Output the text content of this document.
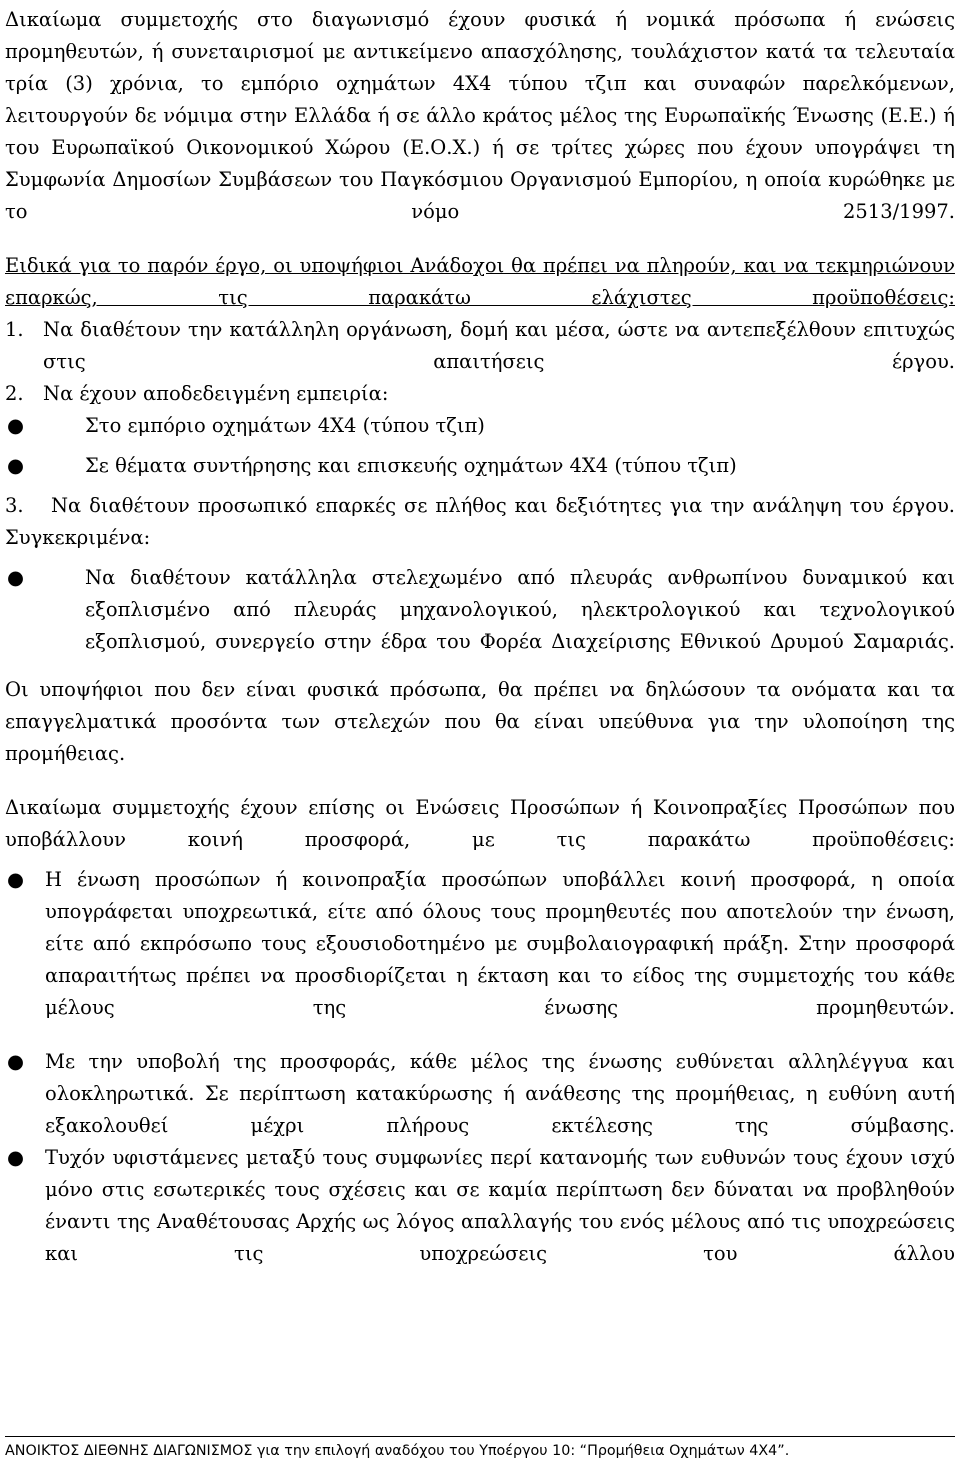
Δικαίωμα συμμετοχής στο διαγωνισμό έχουν φυσικά ή νομικά πρόσωπα ή ενώσεις προμηθευτών, ή συνεταιρισμοί με αντικείμενο απασχόλησης, τουλάχιστον κατά τα τελευταία τρία (3) χρόνια, το εμπόριο οχημάτων 4Χ4 τύπου τζιπ και συναφών παρελκόμενων, λειτουργούν δε νόμιμα στην Ελλάδα ή σε άλλο κράτος μέλος της Ευρωπαϊκής Ένωσης (Ε.Ε.) ή του Ευρωπαϊκού Οικονομικού Χώρου (Ε.Ο.Χ.) ή σε τρίτες χώρες που έχουν υπογράψει τη Συμφωνία Δημοσίων Συμβάσεων του Παγκόσμιου Οργανισμού Εμπορίου, η οποία κυρώθηκε με το νόμο 2513/1997.

Ειδικά για το παρόν έργο, οι υποψήφιοι Ανάδοχοι θα πρέπει να πληρούν, και να τεκμηριώνουν επαρκώς, τις παρακάτω ελάχιστες προϋποθέσεις:

1. Να διαθέτουν την κατάλληλη οργάνωση, δομή και μέσα, ώστε να αντεπεξέλθουν επιτυχώς στις απαιτήσεις έργου.
2. Να έχουν αποδεδειγμένη εμπειρία:
●	Στο εμπόριο οχημάτων 4Χ4 (τύπου τζιπ)
●	Σε θέματα συντήρησης και επισκευής οχημάτων 4Χ4 (τύπου τζιπ)
3. Να διαθέτουν προσωπικό επαρκές σε πλήθος και δεξιότητες για την ανάληψη του έργου. Συγκεκριμένα:
●	Να διαθέτουν κατάλληλα στελεχωμένο από πλευράς ανθρωπίνου δυναμικού και εξοπλισμένο από πλευράς μηχανολογικού, ηλεκτρολογικού και τεχνολογικού εξοπλισμού, συνεργείο στην έδρα του Φορέα Διαχείρισης Εθνικού Δρυμού Σαμαριάς.

Οι υποψήφιοι που δεν είναι φυσικά πρόσωπα, θα πρέπει να δηλώσουν τα ονόματα και τα επαγγελματικά προσόντα των στελεχών που θα είναι υπεύθυνα για την υλοποίηση της προμήθειας.

Δικαίωμα συμμετοχής έχουν επίσης οι Ενώσεις Προσώπων ή Κοινοπραξίες Προσώπων που υποβάλλουν κοινή προσφορά, με τις παρακάτω προϋποθέσεις:

●	Η ένωση προσώπων ή κοινοπραξία προσώπων υποβάλλει κοινή προσφορά, η οποία υπογράφεται υποχρεωτικά, είτε από όλους τους προμηθευτές που αποτελούν την ένωση, είτε από εκπρόσωπο τους εξουσιοδοτημένο με συμβολαιογραφική πράξη. Στην προσφορά απαραιτήτως πρέπει να προσδιορίζεται η έκταση και το είδος της συμμετοχής του κάθε μέλους της ένωσης προμηθευτών.
●	Με την υποβολή της προσφοράς, κάθε μέλος της ένωσης ευθύνεται αλληλέγγυα και ολοκληρωτικά. Σε περίπτωση κατακύρωσης ή ανάθεσης της προμήθειας, η ευθύνη αυτή εξακολουθεί μέχρι πλήρους εκτέλεσης της σύμβασης.
●	Τυχόν υφιστάμενες μεταξύ τους συμφωνίες περί κατανομής των ευθυνών τους έχουν ισχύ μόνο στις εσωτερικές τους σχέσεις και σε καμία περίπτωση δεν δύναται να προβληθούν έναντι της Αναθέτουσας Αρχής ως λόγος απαλλαγής του ενός μέλους από τις υποχρεώσεις και τις υποχρεώσεις του άλλου
ΑΝΟΙΚΤΟΣ ΔΙΕΘΝΗΣ ΔΙΑΓΩΝΙΣΜΟΣ για την επιλογή αναδόχου του Υποέργου 10: “Προμήθεια Οχημάτων 4Χ4”.
